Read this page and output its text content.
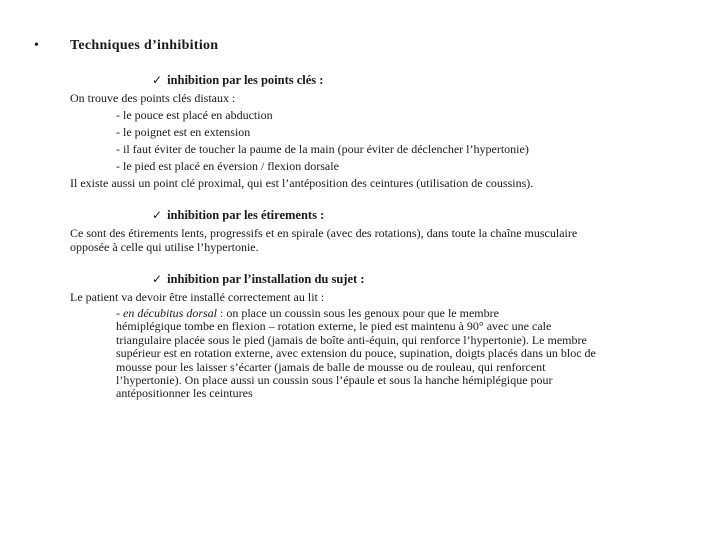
• Techniques d’inhibition
✓ inhibition par les points clés :
On trouve des points clés distaux :
- le pouce est placé en abduction
- le poignet est en extension
- il faut éviter de toucher la paume de la main (pour éviter de déclencher l’hypertonie)
- le pied est placé en éversion / flexion dorsale
Il existe aussi un point clé proximal, qui est l’antéposition des ceintures (utilisation de coussins).
✓ inhibition par les étirements :
Ce sont des étirements lents, progressifs et en spirale (avec des rotations), dans toute la chaîne musculaire
opposée à celle qui utilise l’hypertonie.
✓ inhibition par l’installation du sujet :
Le patient va devoir être installé correctement au lit :
- en décubitus dorsal : on place un coussin sous les genoux pour que le membre
hémiplégique tombe en flexion – rotation externe, le pied est maintenu à 90° avec une cale
triangulaire placée sous le pied (jamais de boîte anti-équin, qui renforce l’hypertonie). Le membre
supérieur est en rotation externe, avec extension du pouce, supination, doigts placés dans un bloc de
mousse pour les laisser s’écarter (jamais de balle de mousse ou de rouleau, qui renforcent
l’hypertonie). On place aussi un coussin sous l’épaule et sous la hanche hémiplégique pour
antépositionner les ceintures
